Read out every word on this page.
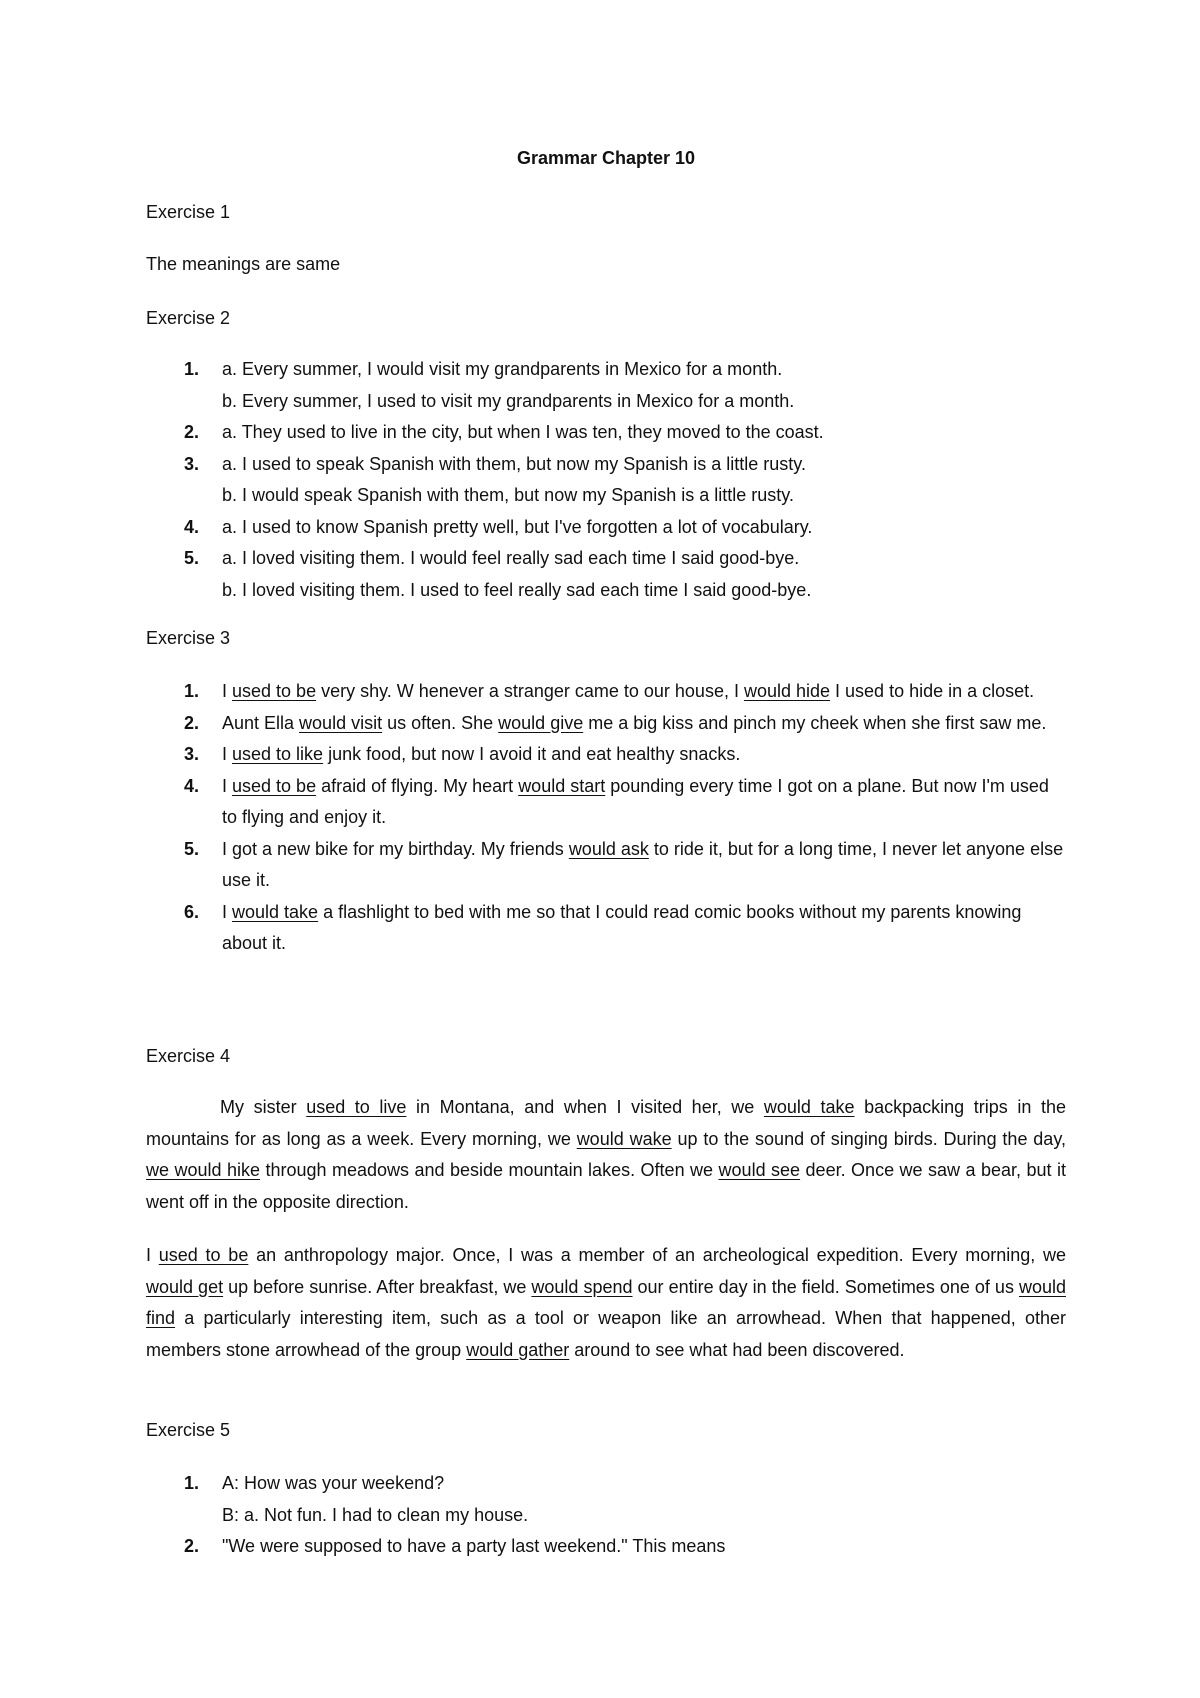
Grammar Chapter 10
Exercise 1
The meanings are same
Exercise 2
1. a. Every summer, I would visit my grandparents in Mexico for a month.
b. Every summer, I used to visit my grandparents in Mexico for a month.
2. a. They used to live in the city, but when I was ten, they moved to the coast.
3. a. I used to speak Spanish with them, but now my Spanish is a little rusty.
b. I would speak Spanish with them, but now my Spanish is a little rusty.
4. a. I used to know Spanish pretty well, but I've forgotten a lot of vocabulary.
5. a. I loved visiting them. I would feel really sad each time I said good-bye.
b. I loved visiting them. I used to feel really sad each time I said good-bye.
Exercise 3
1. I used to be very shy. W henever a stranger came to our house, I would hide I used to hide in a closet.
2. Aunt Ella would visit us often. She would give me a big kiss and pinch my cheek when she first saw me.
3. I used to like junk food, but now I avoid it and eat healthy snacks.
4. I used to be afraid of flying. My heart would start pounding every time I got on a plane. But now I'm used to flying and enjoy it.
5. I got a new bike for my birthday. My friends would ask to ride it, but for a long time, I never let anyone else use it.
6. I would take a flashlight to bed with me so that I could read comic books without my parents knowing about it.
Exercise 4

My sister used to live in Montana, and when I visited her, we would take backpacking trips in the mountains for as long as a week. Every morning, we would wake up to the sound of singing birds. During the day, we would hike through meadows and beside mountain lakes. Often we would see deer. Once we saw a bear, but it went off in the opposite direction.

I used to be an anthropology major. Once, I was a member of an archeological expedition. Every morning, we would get up before sunrise. After breakfast, we would spend our entire day in the field. Sometimes one of us would find a particularly interesting item, such as a tool or weapon like an arrowhead. When that happened, other members stone arrowhead of the group would gather around to see what had been discovered.

Exercise 5
1. A: How was your weekend?
B: a. Not fun. I had to clean my house.
2. "We were supposed to have a party last weekend." This means
